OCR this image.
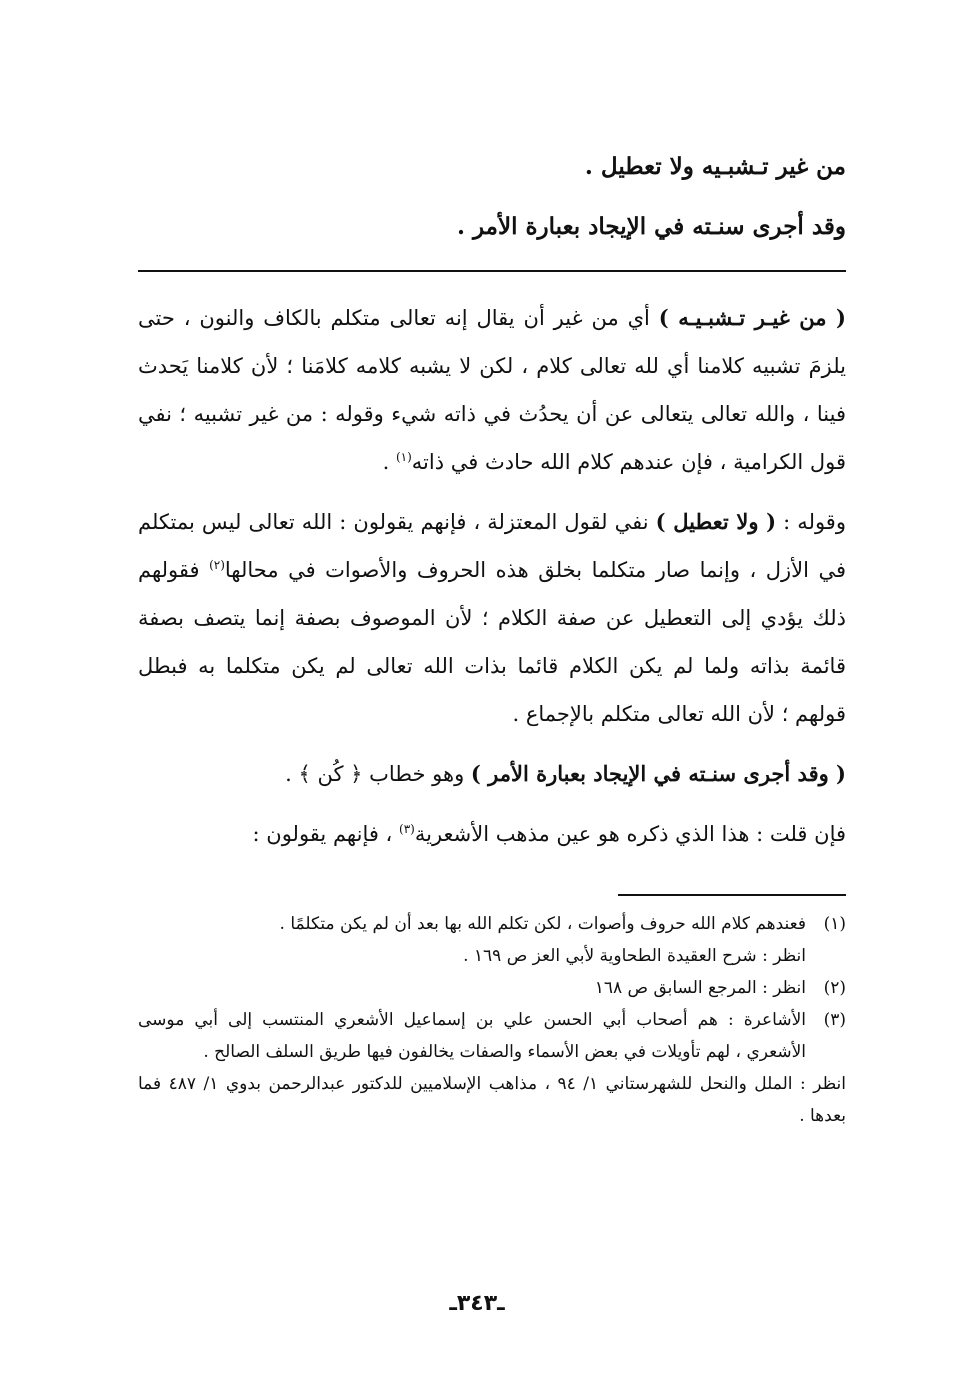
من غير تـشبـيه ولا تعطيل .

وقد أجرى سنـته في الإيجاد بعبارة الأمر .

( من غيـر تـشبـيـه ) أي من غير أن يقال إنه تعالى متكلم بالكاف والنون ، حتى يلزمَ تشبيه كلامنا أي لله تعالى كلام ، لكن لا يشبه كلامه كلامَنا ؛ لأن كلامنا يَحدث فينا ، والله تعالى يتعالى عن أن يحدُث في ذاته شيء وقوله : من غير تشبيه ؛ نفي قول الكرامية ، فإن عندهم كلام الله حادث في ذاته$^{(١)}$ .

وقوله : ( ولا تعطيل ) نفي لقول المعتزلة ، فإنهم يقولون : الله تعالى ليس بمتكلم في الأزل ، وإنما صار متكلما بخلق هذه الحروف والأصوات في محالها$^{(٢)}$ فقولهم ذلك يؤدي إلى التعطيل عن صفة الكلام ؛ لأن الموصوف بصفة إنما يتصف بصفة قائمة بذاته ولما لم يكن الكلام قائما بذات الله تعالى لم يكن متكلما به فبطل قولهم ؛ لأن الله تعالى متكلم بالإجماع .

( وقد أجرى سنـته في الإيجاد بعبارة الأمر ) وهو خطاب ﴿ كُن ﴾ .

فإن قلت : هذا الذي ذكره هو عين مذهب الأشعرية$^{(٣)}$ ، فإنهم يقولون :

(١)
فعندهم كلام الله حروف وأصوات ، لكن تكلم الله بها بعد أن لم يكن متكلمًا .
انظر : شرح العقيدة الطحاوية لأبي العز ص ١٦٩ .
(٢)
انظر : المرجع السابق ص ١٦٨
(٣)
الأشاعرة : هم أصحاب أبي الحسن علي بن إسماعيل الأشعري المنتسب إلى أبي موسى الأشعري ، لهم تأويلات في بعض الأسماء والصفات يخالفون فيها طريق السلف الصالح .
انظر : الملل والنحل للشهرستاني ١/ ٩٤ ، مذاهب الإسلاميين للدكتور عبدالرحمن بدوي ١/ ٤٨٧ فما بعدها .
ـ٣٤٣ـ
